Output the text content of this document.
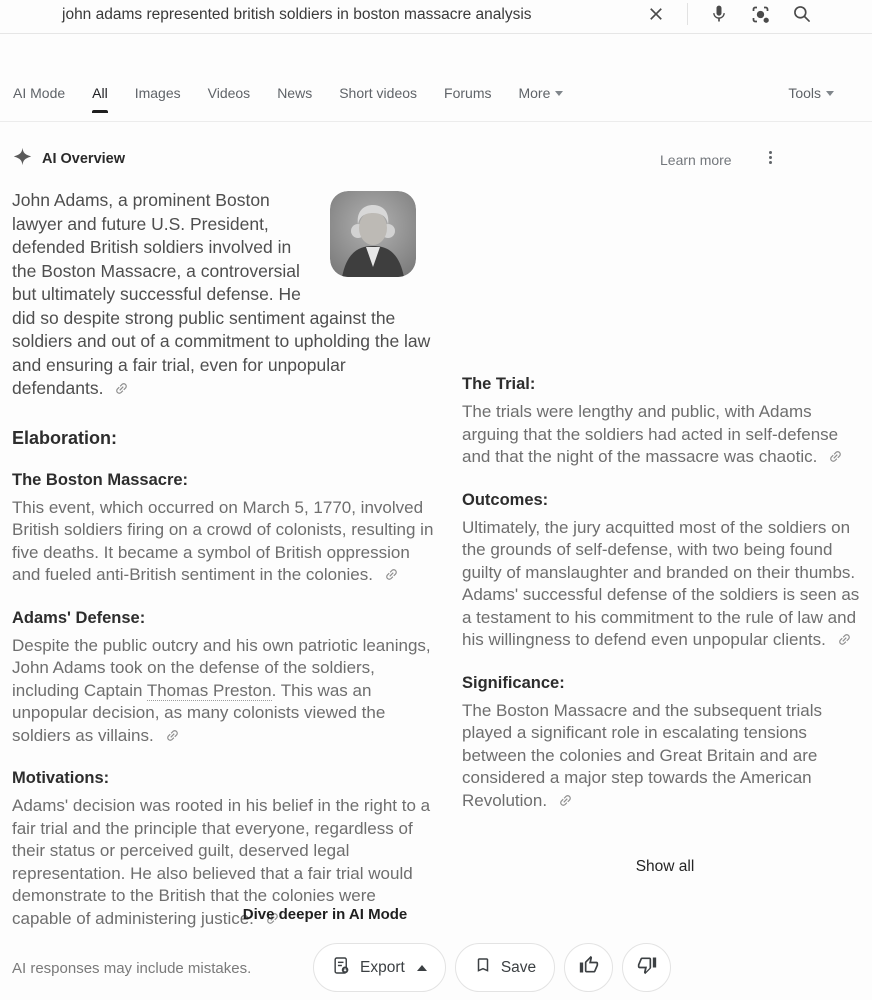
john adams represented british soldiers in boston massacre analysis
AI Mode All Images Videos News Short videos Forums More	Tools
AI Overview	Learn more
John Adams, a prominent Boston lawyer and future U.S. President, defended British soldiers involved in the Boston Massacre, a controversial but ultimately successful defense. He did so despite strong public sentiment against the soldiers and out of a commitment to upholding the law and ensuring a fair trial, even for unpopular defendants.
Elaboration:
The Boston Massacre:

This event, which occurred on March 5, 1770, involved British soldiers firing on a crowd of colonists, resulting in five deaths. It became a symbol of British oppression and fueled anti-British sentiment in the colonies.

Adams' Defense:

Despite the public outcry and his own patriotic leanings, John Adams took on the defense of the soldiers, including Captain Thomas Preston. This was an unpopular decision, as many colonists viewed the soldiers as villains.

Motivations:

Adams' decision was rooted in his belief in the right to a fair trial and the principle that everyone, regardless of their status or perceived guilt, deserved legal representation. He also believed that a fair trial would demonstrate to the British that the colonies were capable of administering justice.

The Trial:

The trials were lengthy and public, with Adams arguing that the soldiers had acted in self-defense and that the night of the massacre was chaotic.

Outcomes:

Ultimately, the jury acquitted most of the soldiers on the grounds of self-defense, with two being found guilty of manslaughter and branded on their thumbs. Adams' successful defense of the soldiers is seen as a testament to his commitment to the rule of law and his willingness to defend even unpopular clients.

Significance:

The Boston Massacre and the subsequent trials played a significant role in escalating tensions between the colonies and Great Britain and are considered a major step towards the American Revolution.

Show all
Dive deeper in AI Mode
AI responses may include mistakes.	Export	Save
